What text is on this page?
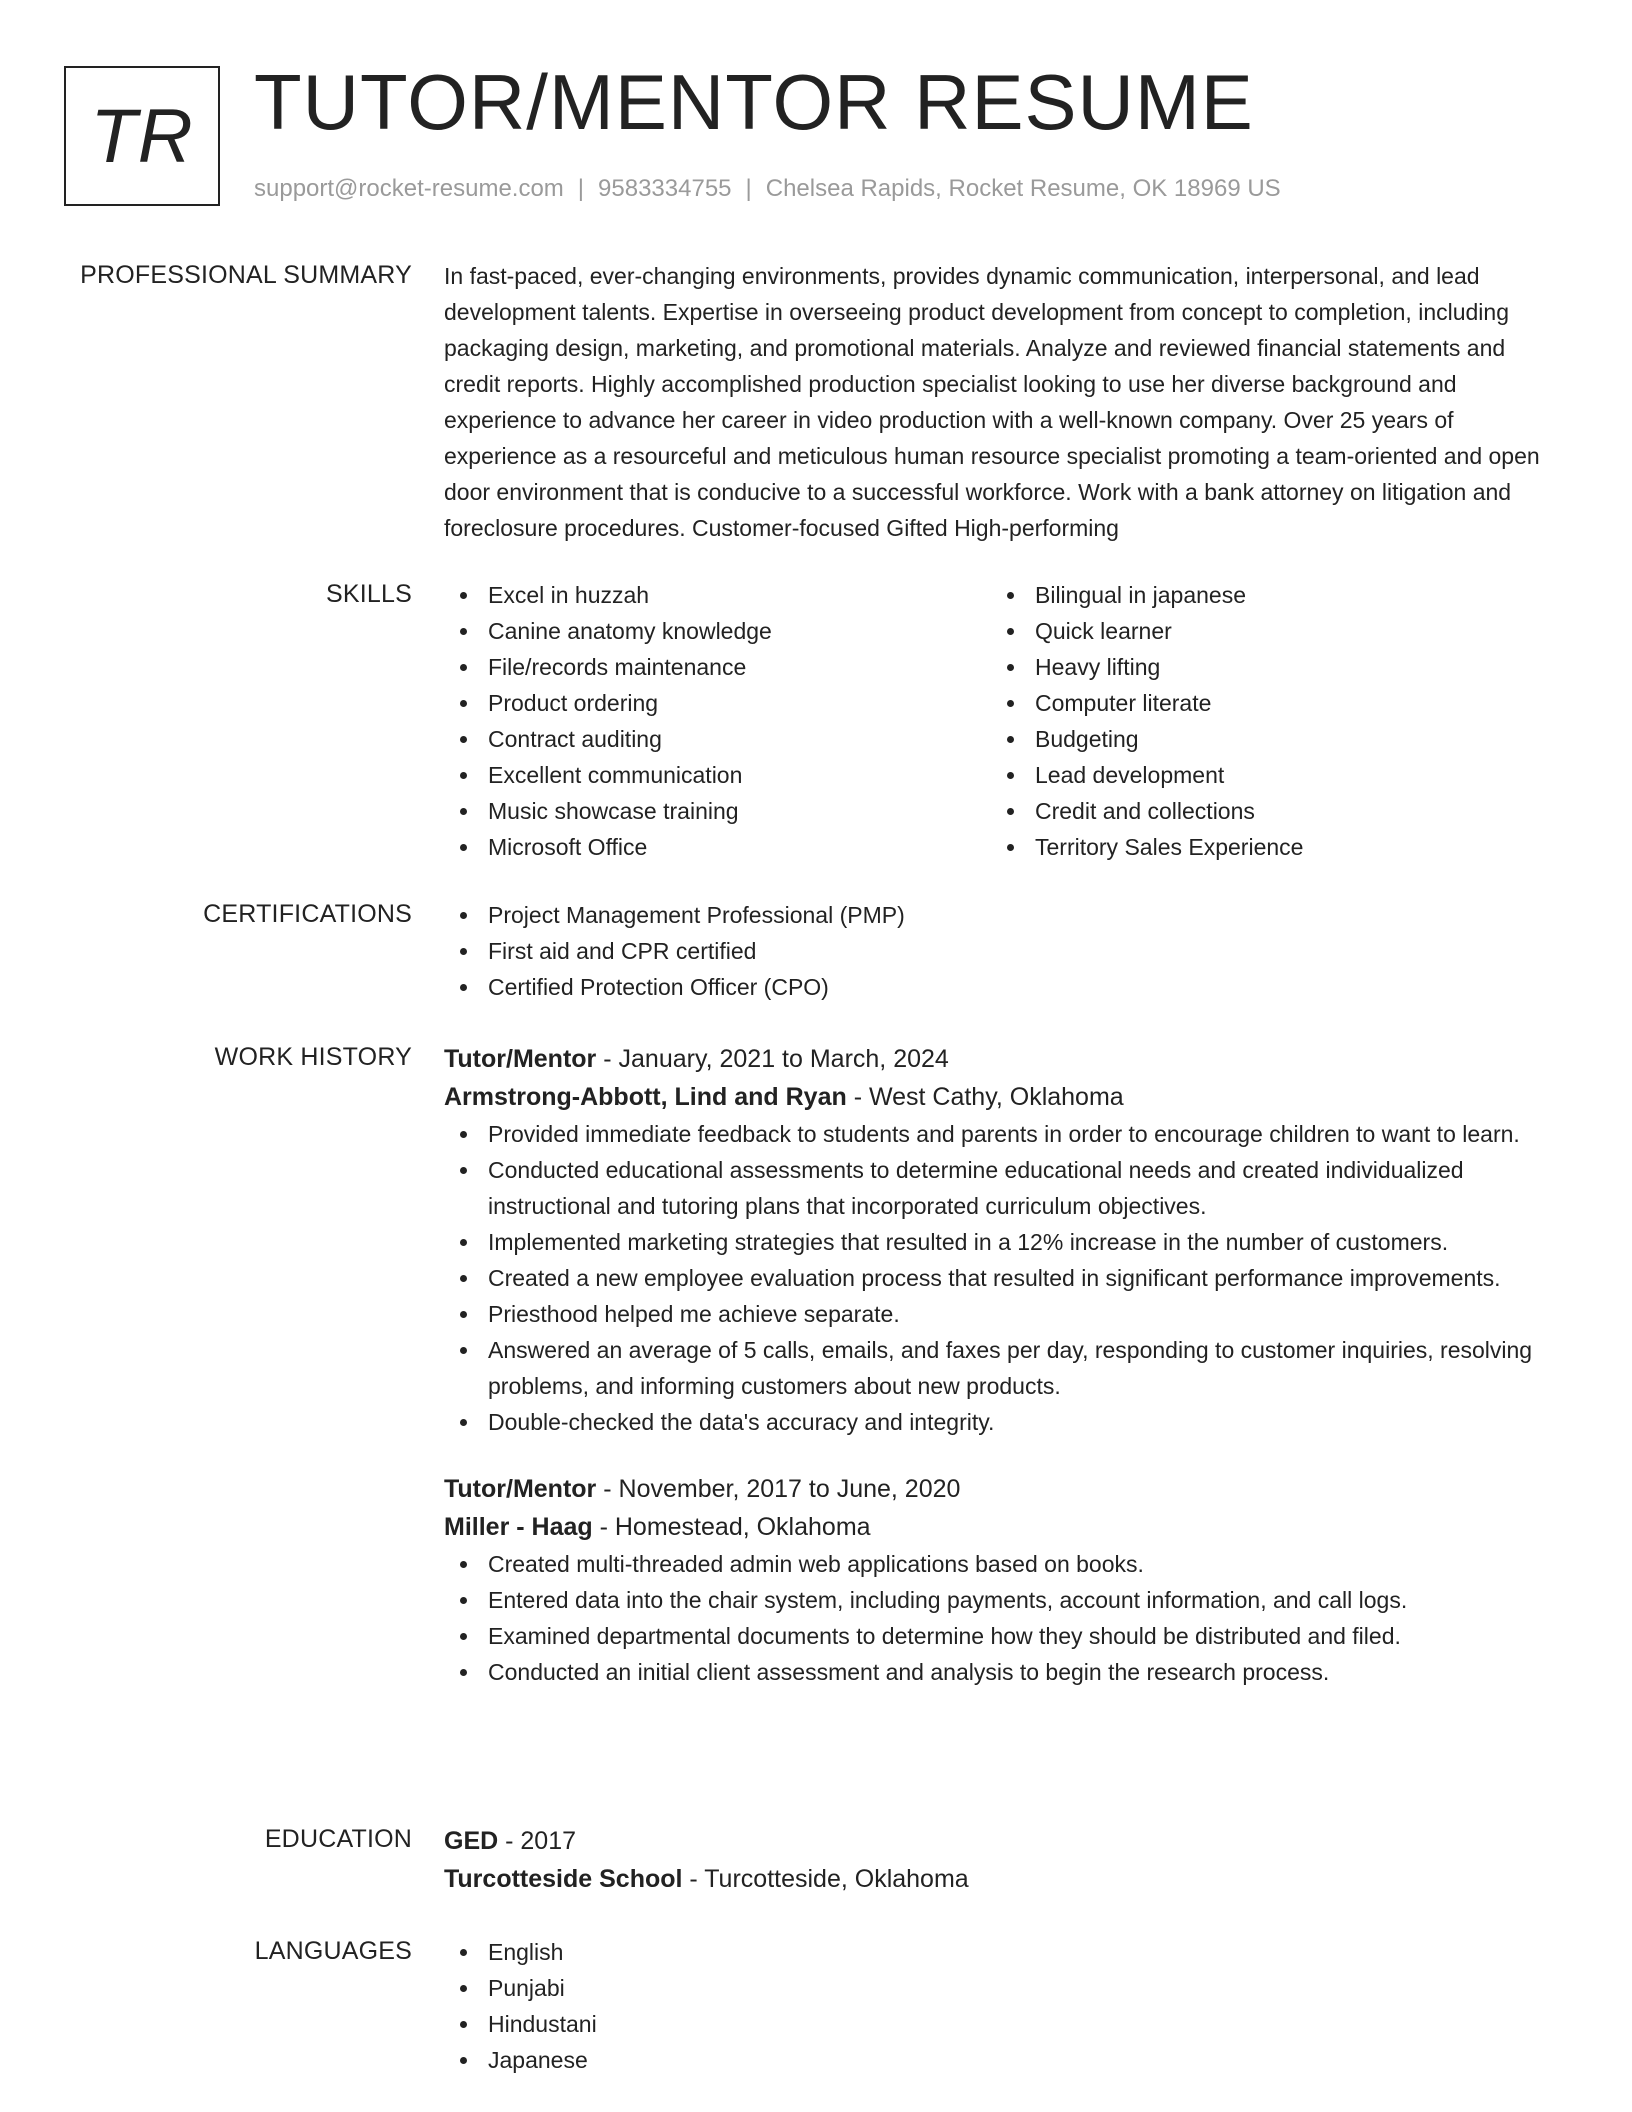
TR TUTOR/MENTOR RESUME
support@rocket-resume.com | 9583334755 | Chelsea Rapids, Rocket Resume, OK 18969 US
PROFESSIONAL SUMMARY In fast-paced, ever-changing environments, provides dynamic communication, interpersonal, and lead development talents. Expertise in overseeing product development from concept to completion, including packaging design, marketing, and promotional materials. Analyze and reviewed financial statements and credit reports. Highly accomplished production specialist looking to use her diverse background and experience to advance her career in video production with a well-known company. Over 25 years of experience as a resourceful and meticulous human resource specialist promoting a team-oriented and open door environment that is conducive to a successful workforce. Work with a bank attorney on litigation and foreclosure procedures. Customer-focused Gifted High-performing
SKILLS	Excel in huzzah
Canine anatomy knowledge
File/records maintenance
Product ordering
Contract auditing
Excellent communication
Music showcase training
Microsoft Office
Bilingual in japanese
Quick learner
Heavy lifting
Computer literate
Budgeting
Lead development
Credit and collections
Territory Sales Experience
CERTIFICATIONS	Project Management Professional (PMP)
First aid and CPR certified
Certified Protection Officer (CPO)
WORK HISTORY Tutor/Mentor - January, 2021 to March, 2024
Armstrong-Abbott, Lind and Ryan - West Cathy, Oklahoma
Provided immediate feedback to students and parents in order to encourage children to want to learn.
Conducted educational assessments to determine educational needs and created individualized instructional and tutoring plans that incorporated curriculum objectives.
Implemented marketing strategies that resulted in a 12% increase in the number of customers.
Created a new employee evaluation process that resulted in significant performance improvements.
Priesthood helped me achieve separate.
Answered an average of 5 calls, emails, and faxes per day, responding to customer inquiries, resolving problems, and informing customers about new products.
Double-checked the data's accuracy and integrity.
Tutor/Mentor - November, 2017 to June, 2020
Miller - Haag - Homestead, Oklahoma
Created multi-threaded admin web applications based on books.
Entered data into the chair system, including payments, account information, and call logs.
Examined departmental documents to determine how they should be distributed and filed.
Conducted an initial client assessment and analysis to begin the research process.
EDUCATION GED - 2017
Turcotteside School - Turcotteside, Oklahoma
LANGUAGES	English
Punjabi
Hindustani
Japanese
